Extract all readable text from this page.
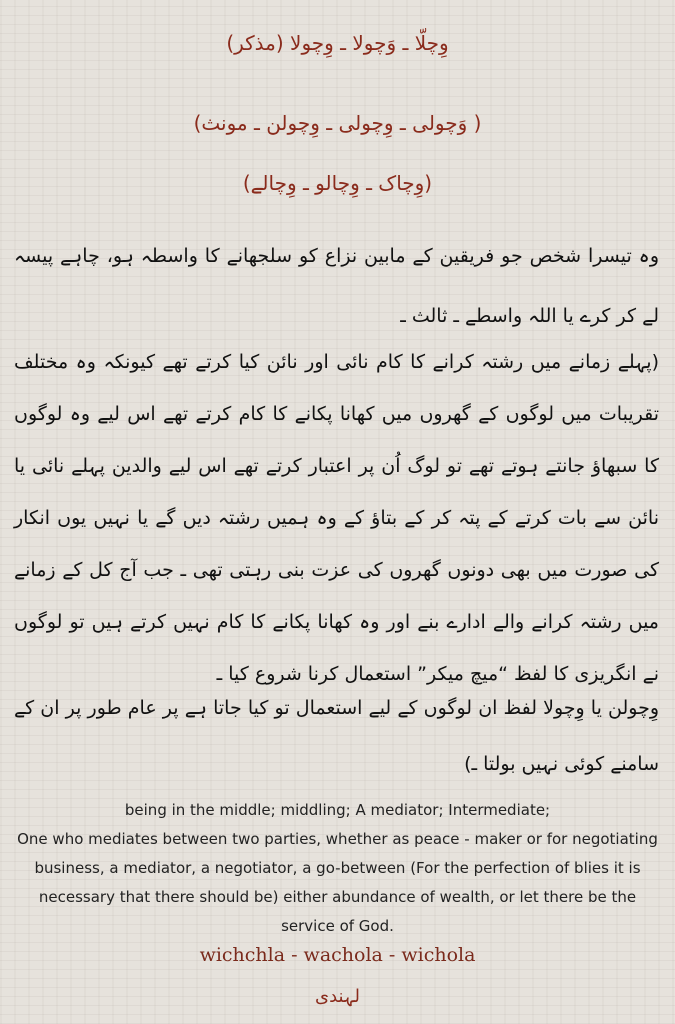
وِچلّا ـ وَچولا ـ وِچولا (مذکر)
( وَچولی ـ وِچولی ـ وِچولن ـ مونث)
(وِچاک ـ وِچالو ـ وِچالے)

وہ تیسرا شخص جو فریقین کے مابین نزاع کو سلجھانے کا واسطہ ہو، چاہے پیسہ لے کر کرے یا اللہ واسطے ـ ثالث ـ

(پہلے زمانے میں رشتہ کرانے کا کام نائی اور نائن کیا کرتے تھے کیونکہ وہ مختلف تقریبات میں لوگوں کے گھروں میں کھانا پکانے کا کام کرتے تھے اس لیے وہ لوگوں کا سبھاؤ جانتے ہوتے تھے تو لوگ اُن پر اعتبار کرتے تھے اس لیے والدین پہلے نائی یا نائن سے بات کرتے کے پتہ کر کے بتاؤ کے وہ ہمیں رشتہ دیں گے یا نہیں یوں انکار کی صورت میں بھی دونوں گھروں کی عزت بنی رہتی تھی ـ جب آج کل کے زمانے میں رشتہ کرانے والے ادارے بنے اور وہ کھانا پکانے کا کام نہیں کرتے ہیں تو لوگوں نے انگریزی کا لفظ “میچ میکر” استعمال کرنا شروع کیا ـ

وِچولن یا وِچولا لفظ ان لوگوں کے لیے استعمال تو کیا جاتا ہے پر عام طور پر ان کے سامنے کوئی نہیں بولتا ـ)

being in the middle; middling; A mediator; Intermediate;

One who mediates between two parties, whether as peace - maker or for negotiating business, a mediator, a negotiator, a go-between (For the perfection of blies it is necessary that there should be) either abundance of wealth, or let there be the service of God.

wichchla - wachola - wichola
لہندی
